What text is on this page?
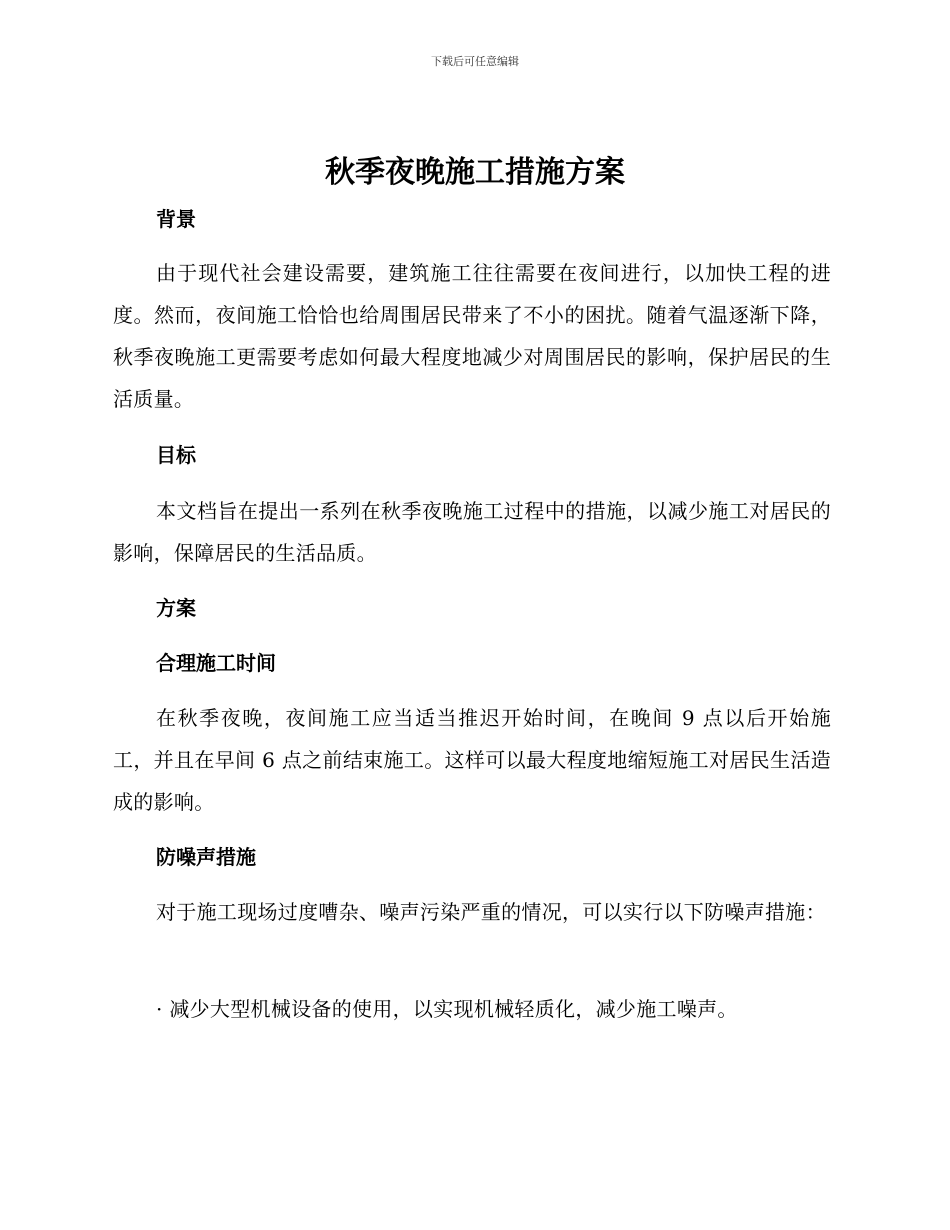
下载后可任意编辑
秋季夜晚施工措施方案
背景

由于现代社会建设需要，建筑施工往往需要在夜间进行，以加快工程的进度。然而，夜间施工恰恰也给周围居民带来了不小的困扰。随着气温逐渐下降，秋季夜晚施工更需要考虑如何最大程度地减少对周围居民的影响，保护居民的生活质量。

目标

本文档旨在提出一系列在秋季夜晚施工过程中的措施，以减少施工对居民的影响，保障居民的生活品质。

方案
合理施工时间

在秋季夜晚，夜间施工应当适当推迟开始时间，在晚间 9 点以后开始施工，并且在早间 6 点之前结束施工。这样可以最大程度地缩短施工对居民生活造成的影响。

防噪声措施

对于施工现场过度嘈杂、噪声污染严重的情况，可以实行以下防噪声措施：

· 减少大型机械设备的使用，以实现机械轻质化，减少施工噪声。
